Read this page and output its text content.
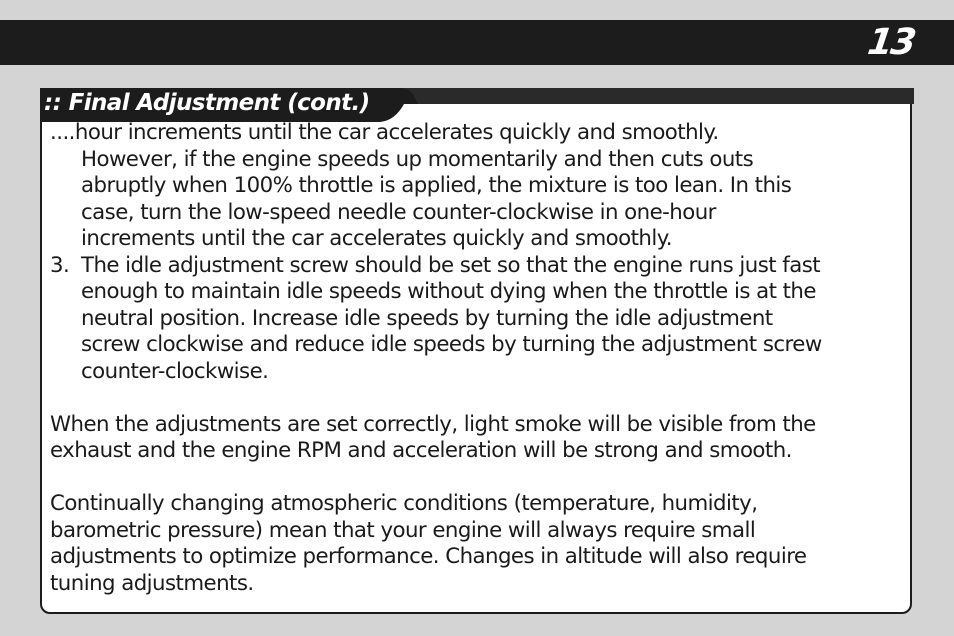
13
:: Final Adjustment (cont.)
....hour increments until the car accelerates quickly and smoothly.
However, if the engine speeds up momentarily and then cuts outs
abruptly when 100% throttle is applied, the mixture is too lean. In this
case, turn the low-speed needle counter-clockwise in one-hour
increments until the car accelerates quickly and smoothly.
3. The idle adjustment screw should be set so that the engine runs just fast
enough to maintain idle speeds without dying when the throttle is at the
neutral position. Increase idle speeds by turning the idle adjustment
screw clockwise and reduce idle speeds by turning the adjustment screw
counter-clockwise.
When the adjustments are set correctly, light smoke will be visible from the
exhaust and the engine RPM and acceleration will be strong and smooth.
Continually changing atmospheric conditions (temperature, humidity,
barometric pressure) mean that your engine will always require small
adjustments to optimize performance. Changes in altitude will also require
tuning adjustments.
